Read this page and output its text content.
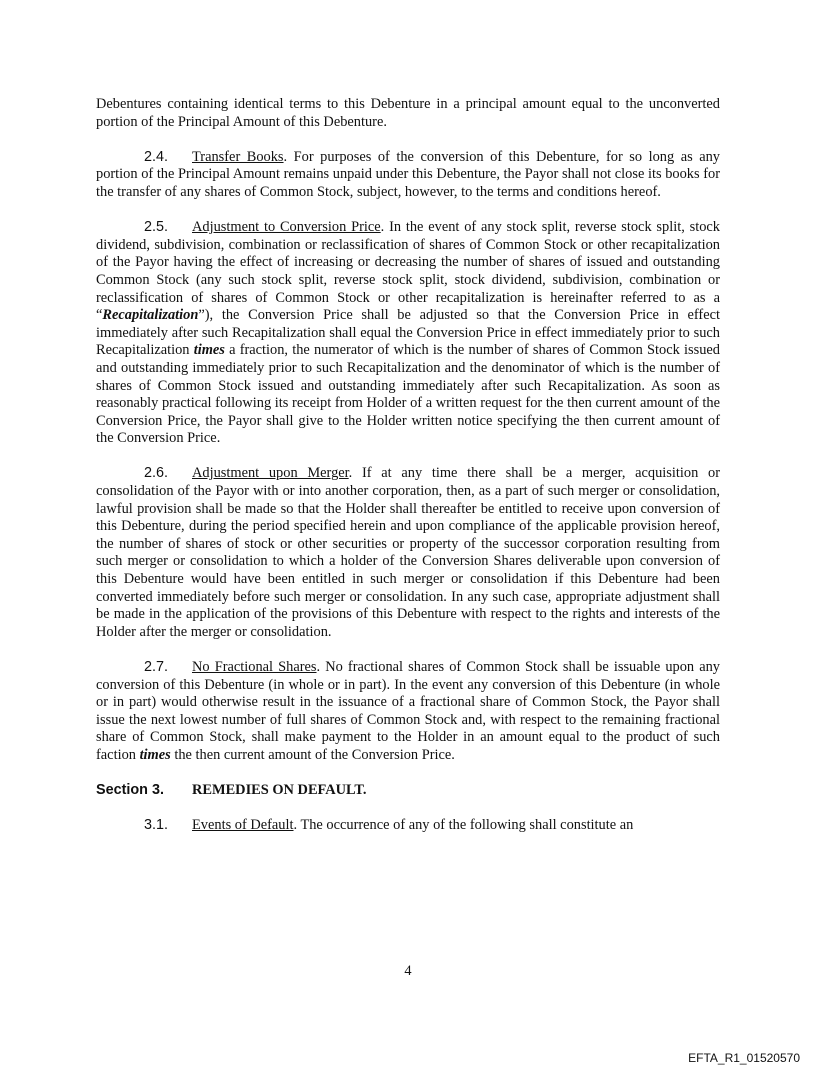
Debentures containing identical terms to this Debenture in a principal amount equal to the unconverted portion of the Principal Amount of this Debenture.

2.4. Transfer Books. For purposes of the conversion of this Debenture, for so long as any portion of the Principal Amount remains unpaid under this Debenture, the Payor shall not close its books for the transfer of any shares of Common Stock, subject, however, to the terms and conditions hereof.

2.5. Adjustment to Conversion Price. In the event of any stock split, reverse stock split, stock dividend, subdivision, combination or reclassification of shares of Common Stock or other recapitalization of the Payor having the effect of increasing or decreasing the number of shares of issued and outstanding Common Stock (any such stock split, reverse stock split, stock dividend, subdivision, combination or reclassification of shares of Common Stock or other recapitalization is hereinafter referred to as a “Recapitalization”), the Conversion Price shall be adjusted so that the Conversion Price in effect immediately after such Recapitalization shall equal the Conversion Price in effect immediately prior to such Recapitalization times a fraction, the numerator of which is the number of shares of Common Stock issued and outstanding immediately prior to such Recapitalization and the denominator of which is the number of shares of Common Stock issued and outstanding immediately after such Recapitalization. As soon as reasonably practical following its receipt from Holder of a written request for the then current amount of the Conversion Price, the Payor shall give to the Holder written notice specifying the then current amount of the Conversion Price.

2.6. Adjustment upon Merger. If at any time there shall be a merger, acquisition or consolidation of the Payor with or into another corporation, then, as a part of such merger or consolidation, lawful provision shall be made so that the Holder shall thereafter be entitled to receive upon conversion of this Debenture, during the period specified herein and upon compliance of the applicable provision hereof, the number of shares of stock or other securities or property of the successor corporation resulting from such merger or consolidation to which a holder of the Conversion Shares deliverable upon conversion of this Debenture would have been entitled in such merger or consolidation if this Debenture had been converted immediately before such merger or consolidation. In any such case, appropriate adjustment shall be made in the application of the provisions of this Debenture with respect to the rights and interests of the Holder after the merger or consolidation.

2.7. No Fractional Shares. No fractional shares of Common Stock shall be issuable upon any conversion of this Debenture (in whole or in part). In the event any conversion of this Debenture (in whole or in part) would otherwise result in the issuance of a fractional share of Common Stock, the Payor shall issue the next lowest number of full shares of Common Stock and, with respect to the remaining fractional share of Common Stock, shall make payment to the Holder in an amount equal to the product of such faction times the then current amount of the Conversion Price.

Section 3. REMEDIES ON DEFAULT.

3.1. Events of Default. The occurrence of any of the following shall constitute an

4
EFTA_R1_01520570
